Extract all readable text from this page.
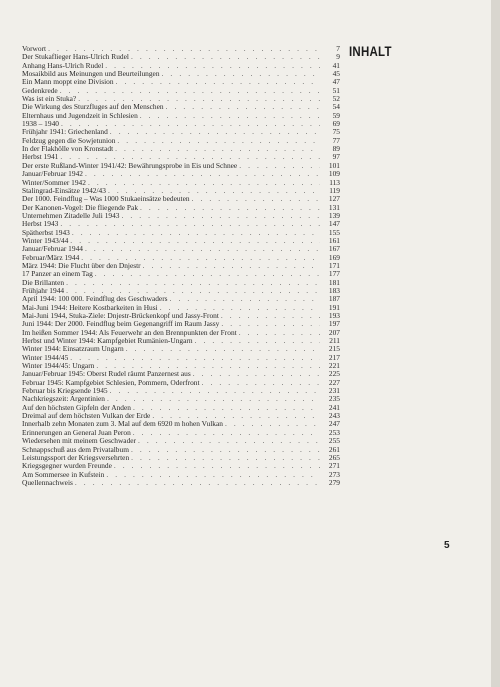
INHALT
Vorwort . . .	7
Der Stukaflieger Hans-Ulrich Rudel . . .	9
Anhang Hans-Ulrich Rudel . . .	41
Mosaikbild aus Meinungen und Beurteilungen . . .	45
Ein Mann moppt eine Division . . .	47
Gedenkrede . . .	51
Was ist ein Stuka? . . .	52
Die Wirkung des Sturzfluges auf den Menschen . . .	54
Elternhaus und Jugendzeit in Schlesien . . .	59
1938 – 1940 . . .	69
Frühjahr 1941: Griechenland . . .	75
Feldzug gegen die Sowjetunion . . .	77
In der Flakhölle von Kronstadt . . .	89
Herbst 1941 . . .	97
Der erste Rußland-Winter 1941/42: Bewährungsprobe in Eis und Schnee . . .	101
Januar/Februar 1942 . . .	109
Winter/Sommer 1942 . . .	113
Stalingrad-Einsätze 1942/43 . . .	119
Der 1000. Feindflug – Was 1000 Stukaeinsätze bedeuten . . .	127
Der Kanonen-Vogel: Die fliegende Pak . . .	131
Unternehmen Zitadelle Juli 1943 . . .	139
Herbst 1943 . . .	147
Spätherbst 1943 . . .	155
Winter 1943/44 . . .	161
Januar/Februar 1944 . . .	167
Februar/März 1944 . . .	169
März 1944: Die Flucht über den Dnjestr . . .	171
17 Panzer an einem Tag . . .	177
Die Brillanten . . .	181
Frühjahr 1944 . . .	183
April 1944: 100 000. Feindflug des Geschwaders . . .	187
Mai-Juni 1944: Heitere Kostbarkeiten in Husi . . .	191
Mai-Juni 1944, Stuka-Ziele: Dnjestr-Brückenkopf und Jassy-Front . . .	193
Juni 1944: Der 2000. Feindflug beim Gegenangriff im Raum Jassy . . .	197
Im heißen Sommer 1944: Als Feuerwehr an den Brennpunkten der Front . . .	207
Herbst und Winter 1944: Kampfgebiet Rumänien-Ungarn . . .	211
Winter 1944: Einsatzraum Ungarn . . .	215
Winter 1944/45 . . .	217
Winter 1944/45: Ungarn . . .	221
Januar/Februar 1945: Oberst Rudel räumt Panzernest aus . . .	225
Februar 1945: Kampfgebiet Schlesien, Pommern, Oderfront . . .	227
Februar bis Kriegsende 1945 . . .	231
Nachkriegszeit: Argentinien . . .	235
Auf den höchsten Gipfeln der Anden . . .	241
Dreimal auf dem höchsten Vulkan der Erde . . .	243
Innerhalb zehn Monaten zum 3. Mal auf dem 6920 m hohen Vulkan . . .	247
Erinnerungen an General Juan Peron . . .	253
Wiedersehen mit meinem Geschwader . . .	255
Schnappschuß aus dem Privatalbum . . .	261
Leistungssport der Kriegsversehrten . . .	265
Kriegsgegner wurden Freunde . . .	271
Am Sommersee in Kufstein . . .	273
Quellennachweis . . .	279
5
